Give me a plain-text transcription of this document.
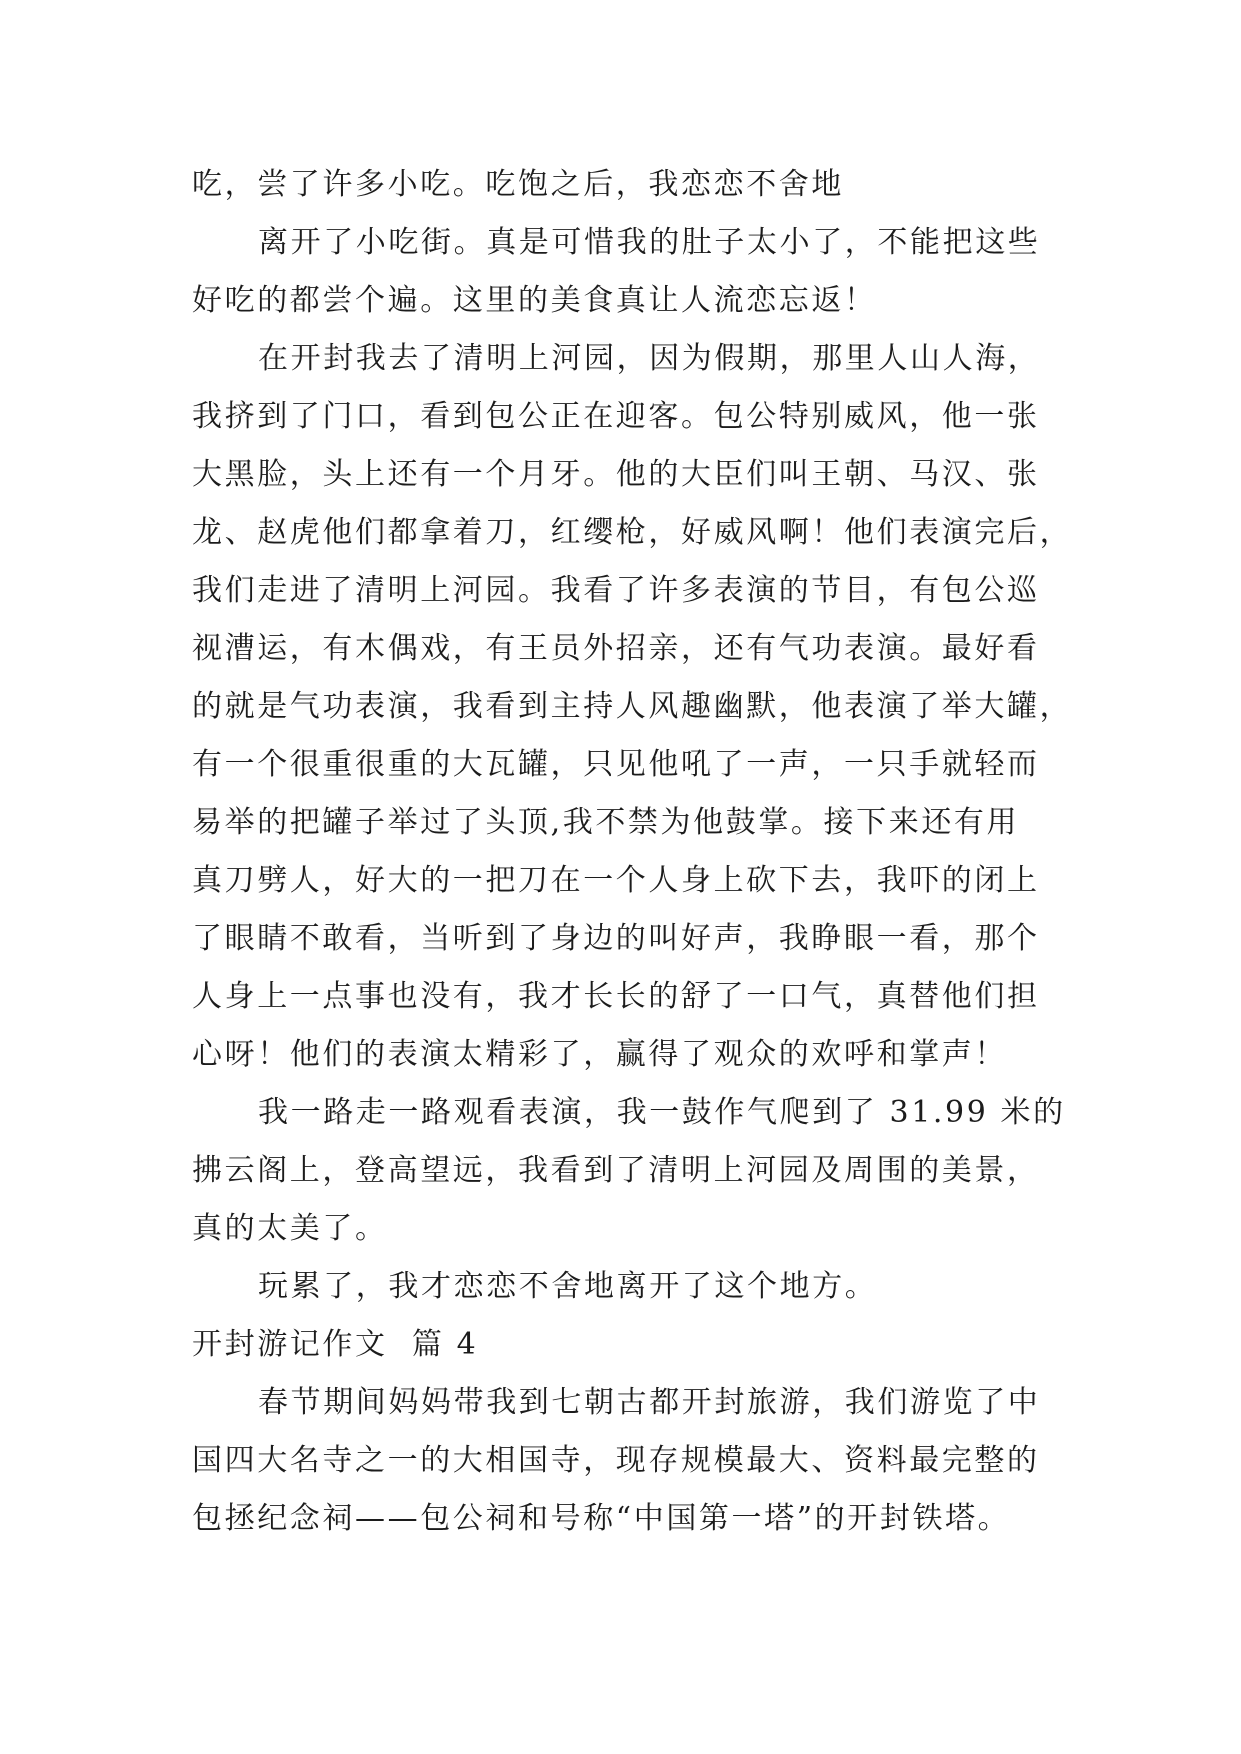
吃，尝了许多小吃。吃饱之后，我恋恋不舍地
离开了小吃街。真是可惜我的肚子太小了，不能把这些
好吃的都尝个遍。这里的美食真让人流恋忘返！
在开封我去了清明上河园，因为假期，那里人山人海，
我挤到了门口，看到包公正在迎客。包公特别威风，他一张
大黑脸，头上还有一个月牙。他的大臣们叫王朝、马汉、张
龙、赵虎他们都拿着刀，红缨枪，好威风啊！他们表演完后，
我们走进了清明上河园。我看了许多表演的节目，有包公巡
视漕运，有木偶戏，有王员外招亲，还有气功表演。最好看
的就是气功表演，我看到主持人风趣幽默，他表演了举大罐，
有一个很重很重的大瓦罐，只见他吼了一声，一只手就轻而
易举的把罐子举过了头顶,我不禁为他鼓掌。接下来还有用
真刀劈人，好大的一把刀在一个人身上砍下去，我吓的闭上
了眼睛不敢看，当听到了身边的叫好声，我睁眼一看，那个
人身上一点事也没有，我才长长的舒了一口气，真替他们担
心呀！他们的表演太精彩了，赢得了观众的欢呼和掌声！
我一路走一路观看表演，我一鼓作气爬到了 31.99 米的
拂云阁上，登高望远，我看到了清明上河园及周围的美景，
真的太美了。
玩累了，我才恋恋不舍地离开了这个地方。
开封游记作文  篇 4
春节期间妈妈带我到七朝古都开封旅游，我们游览了中
国四大名寺之一的大相国寺，现存规模最大、资料最完整的
包拯纪念祠——包公祠和号称“中国第一塔”的开封铁塔。
